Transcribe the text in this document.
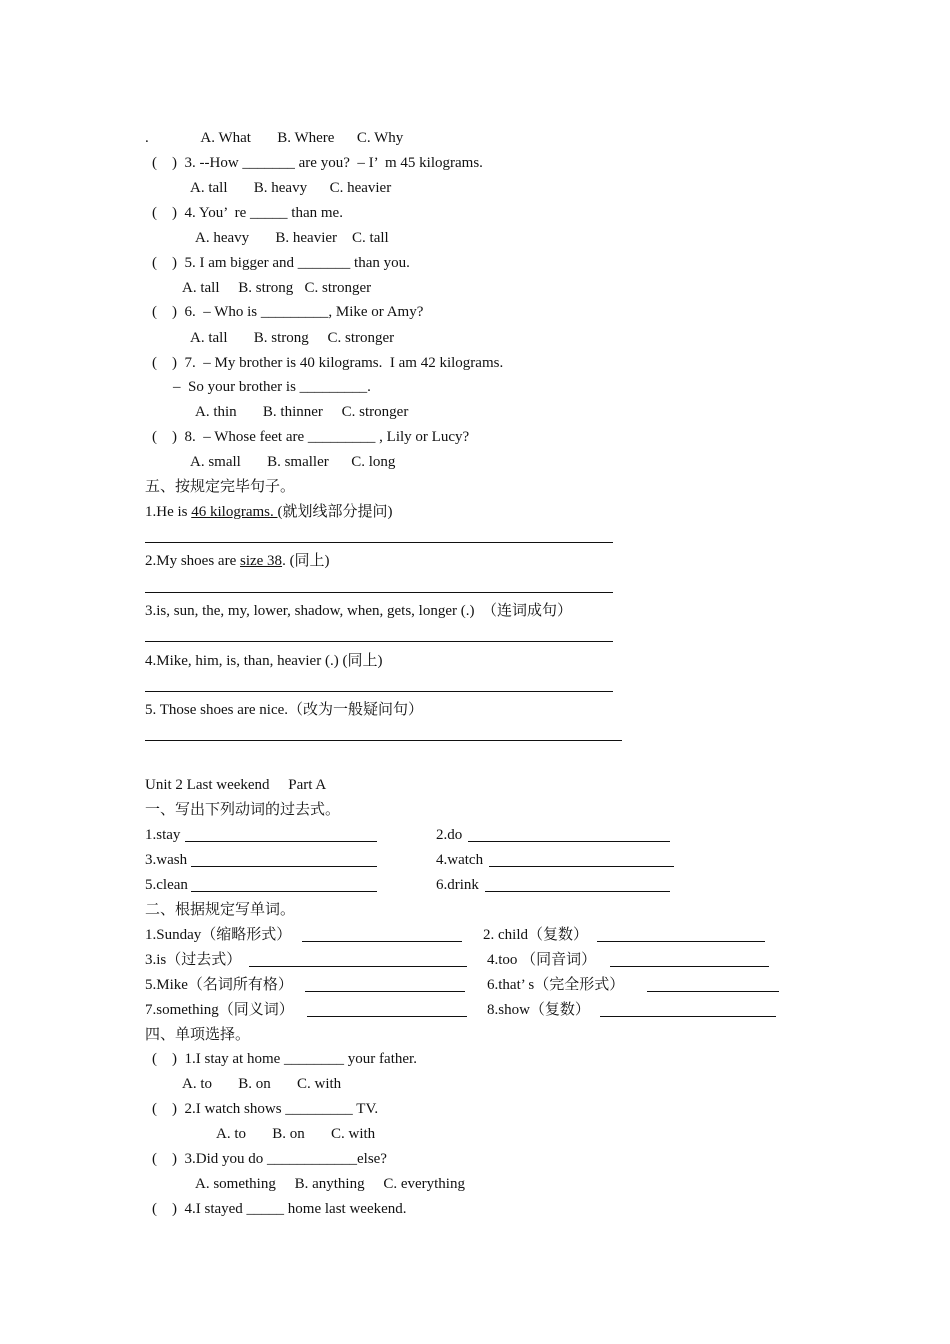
.              A. What       B. Where      C. Why
(    )  3. --How _______ are you?  – I’  m 45 kilograms.
A. tall       B. heavy      C. heavier
(    )  4. You’  re _____ than me.
A. heavy       B. heavier    C. tall
(    )  5. I am bigger and _______ than you.
A. tall     B. strong   C. stronger
(    )  6.  – Who is _________, Mike or Amy?
A. tall       B. strong     C. stronger
(    )  7.  – My brother is 40 kilograms.  I am 42 kilograms.
–  So your brother is _________.
A. thin       B. thinner     C. stronger
(    )  8.  – Whose feet are _________ , Lily or Lucy?
A. small       B. smaller      C. long
五、按规定完毕句子。
1.He is 46 kilograms. (就划线部分提问)
2.My shoes are size 38. (同上)
3.is, sun, the, my, lower, shadow, when, gets, longer (.)  （连词成句）
4.Mike, him, is, than, heavier (.) (同上)
5. Those shoes are nice.（改为一般疑问句）
Unit 2 Last weekend     Part A
一、写出下列动词的过去式。
1.stay	2.do
3.wash	4.watch
5.clean	6.drink
二、根据规定写单词。
1.Sunday（缩略形式）	2. child（复数）
3.is（过去式）	4.too （同音词）
5.Mike（名词所有格）	6.that’ s（完全形式）
7.something（同义词）	8.show（复数）
四、单项选择。
(    )  1.I stay at home ________ your father.
A. to       B. on       C. with
(    )  2.I watch shows _________ TV.
A. to       B. on       C. with
(    )  3.Did you do ____________else?
A. something     B. anything     C. everything
(    )  4.I stayed _____ home last weekend.
